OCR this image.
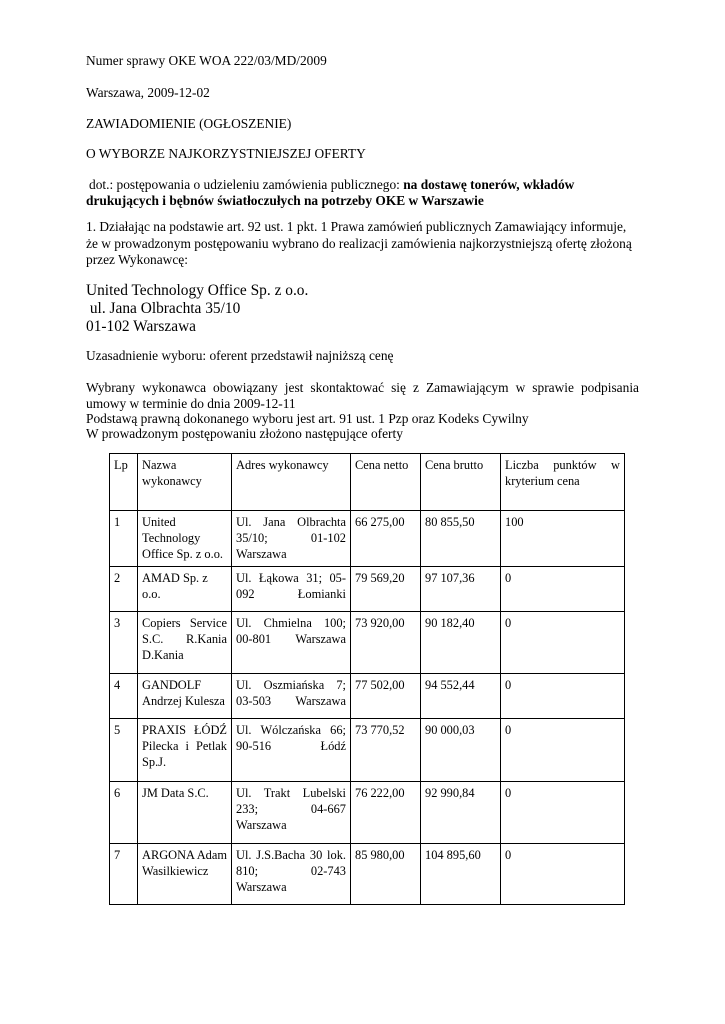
Numer sprawy OKE WOA 222/03/MD/2009

Warszawa, 2009-12-02

ZAWIADOMIENIE (OGŁOSZENIE)

O WYBORZE NAJKORZYSTNIEJSZEJ OFERTY

dot.: postępowania o udzieleniu zamówienia publicznego: na dostawę tonerów, wkładów
drukujących i bębnów światłoczułych na potrzeby OKE w Warszawie
1. Działając na podstawie art. 92 ust. 1 pkt. 1 Prawa zamówień publicznych Zamawiający informuje,
że w prowadzonym postępowaniu wybrano do realizacji zamówienia najkorzystniejszą ofertę złożoną
przez Wykonawcę:
United Technology Office Sp. z o.o.
ul. Jana Olbrachta 35/10
01-102 Warszawa
Uzasadnienie wyboru: oferent przedstawił najniższą cenę
Wybrany wykonawca obowiązany jest skontaktować się z Zamawiającym w sprawie podpisania
umowy w terminie do dnia 2009-12-11
Podstawą prawną dokonanego wyboru jest art. 91 ust. 1 Pzp oraz Kodeks Cywilny
W prowadzonym postępowaniu złożono następujące oferty
Lp	Nazwa wykonawcy	Adres wykonawcy	Cena netto	Cena brutto	Liczba punktów w kryterium cena
1	United Technology Office Sp. z o.o.	Ul. Jana Olbrachta 35/10; 01-102 Warszawa	66 275,00	80 855,50	100
2	AMAD Sp. z o.o.	Ul. Łąkowa 31; 05-092 Łomianki	79 569,20	97 107,36	0
3	Copiers Service S.C. R.Kania D.Kania	Ul. Chmielna 100; 00-801 Warszawa	73 920,00	90 182,40	0
4	GANDOLF Andrzej Kulesza	Ul. Oszmiańska 7; 03-503 Warszawa	77 502,00	94 552,44	0
5	PRAXIS ŁÓDŹ Pilecka i Petlak Sp.J.	Ul. Wólczańska 66; 90-516 Łódź	73 770,52	90 000,03	0
6	JM Data S.C.	Ul. Trakt Lubelski 233; 04-667 Warszawa	76 222,00	92 990,84	0
7	ARGONA Adam Wasilkiewicz	Ul. J.S.Bacha 30 lok. 810; 02-743 Warszawa	85 980,00	104 895,60	0
